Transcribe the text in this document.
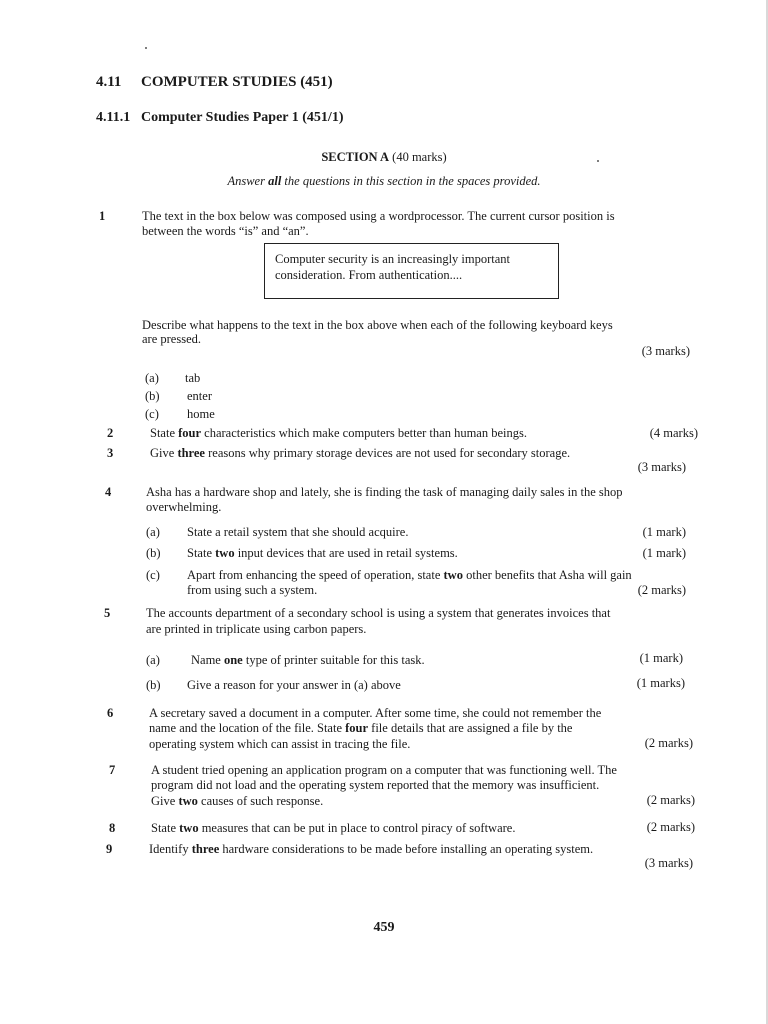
4.11 COMPUTER STUDIES (451)
4.11.1 Computer Studies Paper 1 (451/1)
SECTION A (40 marks)
Answer all the questions in this section in the spaces provided.
1	The text in the box below was composed using a wordprocessor. The current cursor position is
between the words “is” and “an”.
Computer security is an increasingly important
consideration. From authentication....
Describe what happens to the text in the box above when each of the following keyboard keys
are pressed.
(3 marks)
(a) tab
(b) enter
(c) home
2	State four characteristics which make computers better than human beings.	(4 marks)
3	Give three reasons why primary storage devices are not used for secondary storage.
(3 marks)
4	Asha has a hardware shop and lately, she is finding the task of managing daily sales in the shop
overwhelming.
(a) State a retail system that she should acquire.	(1 mark)
(b) State two input devices that are used in retail systems.	(1 mark)
(c) Apart from enhancing the speed of operation, state two other benefits that Asha will gain
from using such a system.	(2 marks)
5	The accounts department of a secondary school is using a system that generates invoices that
are printed in triplicate using carbon papers.
(a) Name one type of printer suitable for this task.	(1 mark)
(b) Give a reason for your answer in (a) above	(1 marks)
6	A secretary saved a document in a computer. After some time, she could not remember the
name and the location of the file. State four file details that are assigned a file by the
operating system which can assist in tracing the file.	(2 marks)
7	A student tried opening an application program on a computer that was functioning well. The
program did not load and the operating system reported that the memory was insufficient.
Give two causes of such response.	(2 marks)
8	State two measures that can be put in place to control piracy of software.	(2 marks)
9	Identify three hardware considerations to be made before installing an operating system.
(3 marks)
459
